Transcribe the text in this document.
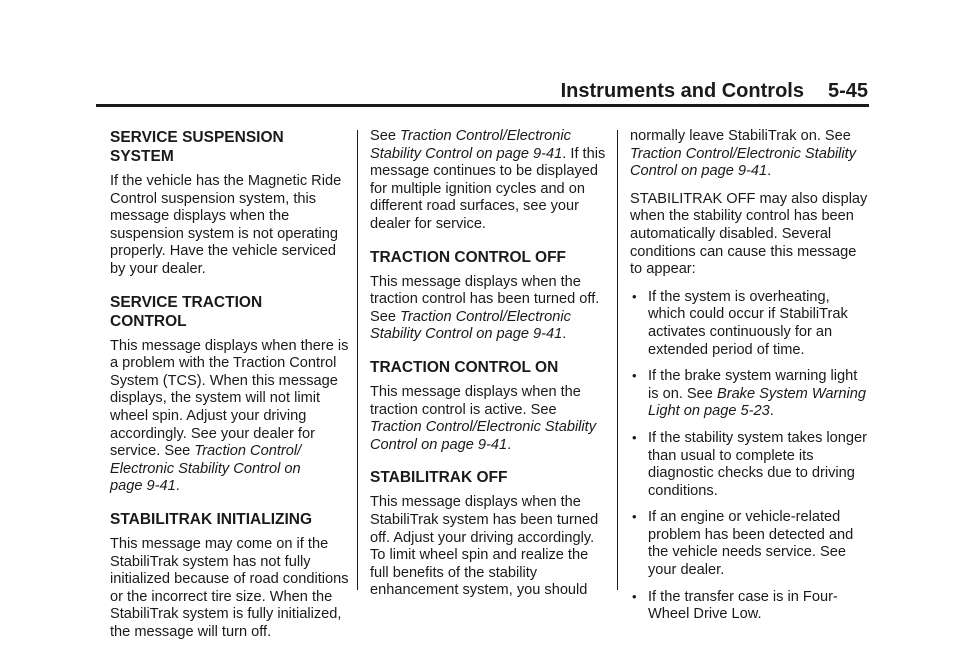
Instruments and Controls 5-45
SERVICE SUSPENSION
SYSTEM

If the vehicle has the Magnetic Ride Control suspension system, this message displays when the suspension system is not operating properly. Have the vehicle serviced by your dealer.

SERVICE TRACTION
CONTROL

This message displays when there is a problem with the Traction Control System (TCS). When this message displays, the system will not limit wheel spin. Adjust your driving accordingly. See your dealer for service. See Traction Control/
Electronic Stability Control on
page 9-41.

STABILITRAK INITIALIZING

This message may come on if the StabiliTrak system has not fully initialized because of road conditions or the incorrect tire size. When the StabiliTrak system is fully initialized, the message will turn off.

See Traction Control/Electronic Stability Control on page 9-41. If this message continues to be displayed for multiple ignition cycles and on different road surfaces, see your dealer for service.

TRACTION CONTROL OFF

This message displays when the traction control has been turned off. See Traction Control/Electronic Stability Control on page 9-41.

TRACTION CONTROL ON

This message displays when the traction control is active. See Traction Control/Electronic Stability Control on page 9-41.

STABILITRAK OFF

This message displays when the StabiliTrak system has been turned off. Adjust your driving accordingly. To limit wheel spin and realize the full benefits of the stability enhancement system, you should

normally leave StabiliTrak on. See Traction Control/Electronic Stability Control on page 9-41.

STABILITRAK OFF may also display when the stability control has been automatically disabled. Several conditions can cause this message to appear:

• If the system is overheating, which could occur if StabiliTrak activates continuously for an extended period of time.
• If the brake system warning light is on. See Brake System Warning Light on page 5-23.
• If the stability system takes longer than usual to complete its diagnostic checks due to driving conditions.
• If an engine or vehicle-related problem has been detected and the vehicle needs service. See your dealer.
• If the transfer case is in Four-Wheel Drive Low.
